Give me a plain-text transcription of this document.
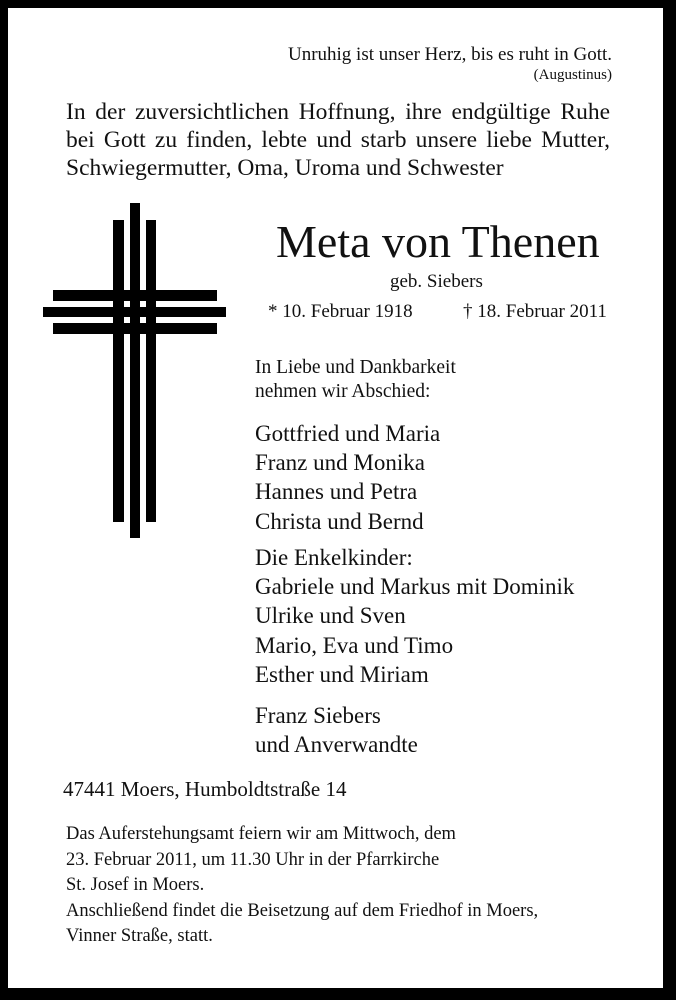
Unruhig ist unser Herz, bis es ruht in Gott.
(Augustinus)
In der zuversichtlichen Hoffnung, ihre endgültige Ruhe
bei Gott zu finden, lebte und starb unsere liebe Mutter,
Schwiegermutter, Oma, Uroma und Schwester
Meta von Thenen
geb. Siebers
* 10. Februar 1918	† 18. Februar 2011
In Liebe und Dankbarkeit
nehmen wir Abschied:
Gottfried und Maria
Franz und Monika
Hannes und Petra
Christa und Bernd
Die Enkelkinder:
Gabriele und Markus mit Dominik
Ulrike und Sven
Mario, Eva und Timo
Esther und Miriam
Franz Siebers
und Anverwandte
47441 Moers, Humboldtstraße 14
Das Auferstehungsamt feiern wir am Mittwoch, dem
23. Februar 2011, um 11.30 Uhr in der Pfarrkirche
St. Josef in Moers.
Anschließend findet die Beisetzung auf dem Friedhof in Moers,
Vinner Straße, statt.
